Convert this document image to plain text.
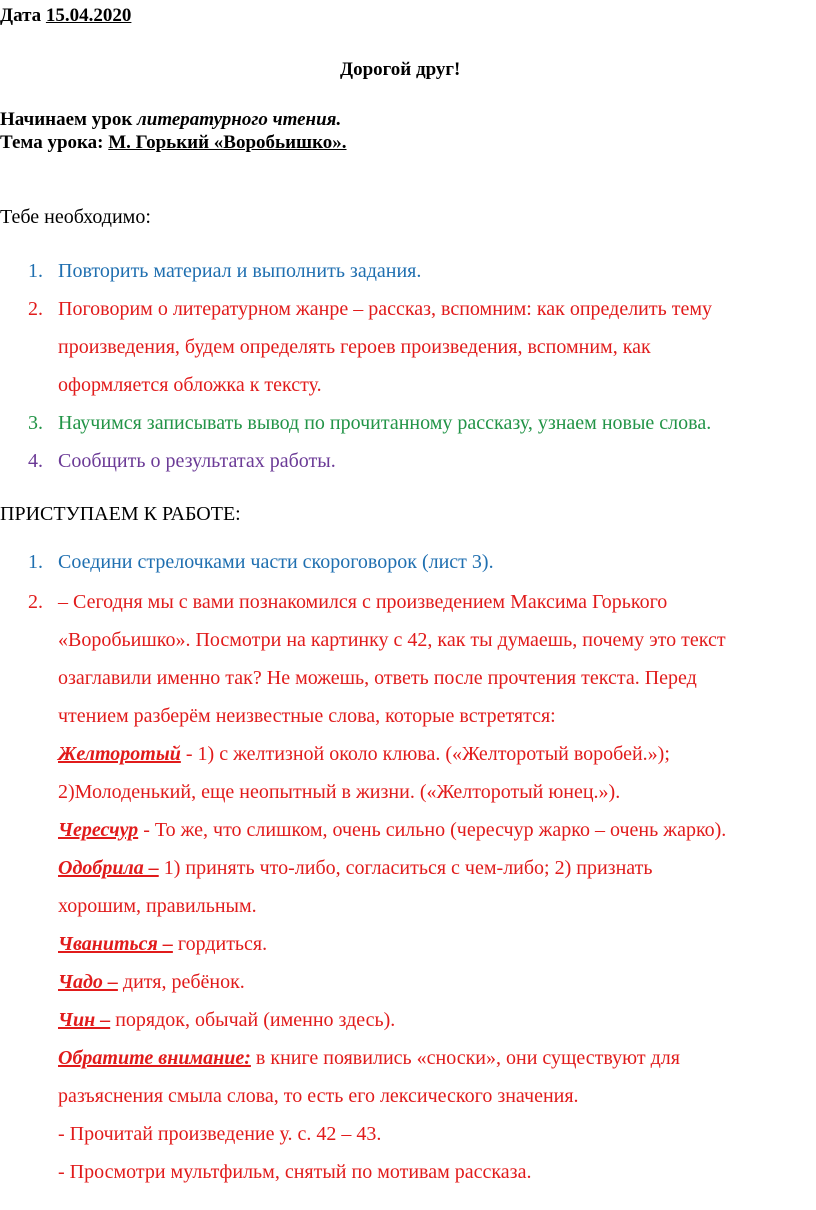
Дата 15.04.2020
Дорогой друг!
Начинаем урок литературного чтения.
Тема урока: М. Горький «Воробьишко».
Тебе необходимо:
1. Повторить материал и выполнить задания.
2. Поговорим о литературном жанре – рассказ, вспомним: как определить тему
произведения, будем определять героев произведения, вспомним, как
оформляется обложка к тексту.
3. Научимся записывать вывод по прочитанному рассказу, узнаем новые слова.
4. Сообщить о результатах работы.
ПРИСТУПАЕМ К РАБОТЕ:
1. Соедини стрелочками части скороговорок (лист 3).
2. – Сегодня мы с вами познакомился с произведением Максима Горького
«Воробьишко». Посмотри на картинку с 42, как ты думаешь, почему это текст
озаглавили именно так? Не можешь, ответь после прочтения текста. Перед
чтением разберём неизвестные слова, которые встретятся:
Желторотый - 1) с желтизной около клюва. («Желторотый воробей.»);
2)Молоденький, еще неопытный в жизни. («Желторотый юнец.»).
Чересчур - То же, что слишком, очень сильно (чересчур жарко – очень жарко).
Одобрила – 1) принять что-либо, согласиться с чем-либо; 2) признать
хорошим, правильным.
Чваниться – гордиться.
Чадо – дитя, ребёнок.
Чин – порядок, обычай (именно здесь).
Обратите внимание: в книге появились «сноски», они существуют для
разъяснения смыла слова, то есть его лексического значения.
- Прочитай произведение у. с. 42 – 43.
- Просмотри мультфильм, снятый по мотивам рассказа.
